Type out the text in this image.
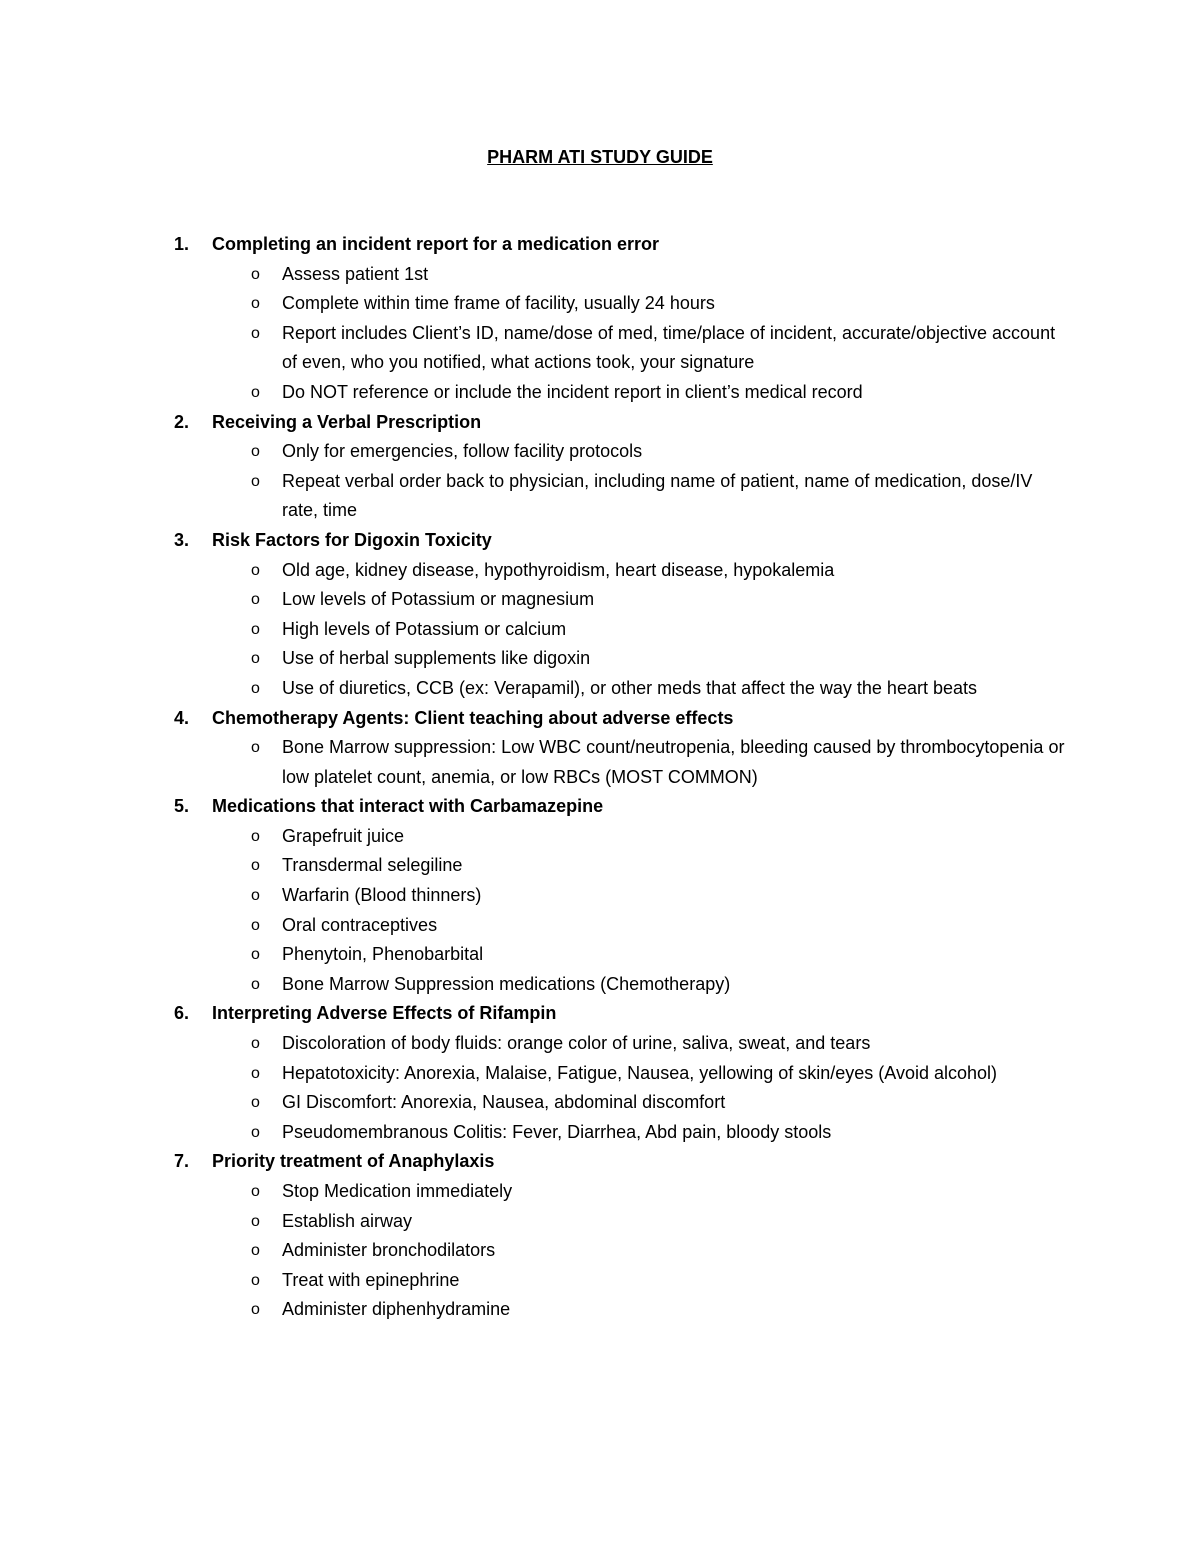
PHARM ATI STUDY GUIDE
1. Completing an incident report for a medication error
o Assess patient 1st
o Complete within time frame of facility, usually 24 hours
o Report includes Client’s ID, name/dose of med, time/place of incident, accurate/objective account of even, who you notified, what actions took, your signature
o Do NOT reference or include the incident report in client’s medical record
2. Receiving a Verbal Prescription
o Only for emergencies, follow facility protocols
o Repeat verbal order back to physician, including name of patient, name of medication, dose/IV rate, time
3. Risk Factors for Digoxin Toxicity
o Old age, kidney disease, hypothyroidism, heart disease, hypokalemia
o Low levels of Potassium or magnesium
o High levels of Potassium or calcium
o Use of herbal supplements like digoxin
o Use of diuretics, CCB (ex: Verapamil), or other meds that affect the way the heart beats
4. Chemotherapy Agents: Client teaching about adverse effects
o Bone Marrow suppression: Low WBC count/neutropenia, bleeding caused by thrombocytopenia or low platelet count, anemia, or low RBCs (MOST COMMON)
5. Medications that interact with Carbamazepine
o Grapefruit juice
o Transdermal selegiline
o Warfarin (Blood thinners)
o Oral contraceptives
o Phenytoin, Phenobarbital
o Bone Marrow Suppression medications (Chemotherapy)
6. Interpreting Adverse Effects of Rifampin
o Discoloration of body fluids: orange color of urine, saliva, sweat, and tears
o Hepatotoxicity: Anorexia, Malaise, Fatigue, Nausea, yellowing of skin/eyes (Avoid alcohol)
o GI Discomfort: Anorexia, Nausea, abdominal discomfort
o Pseudomembranous Colitis: Fever, Diarrhea, Abd pain, bloody stools
7. Priority treatment of Anaphylaxis
o Stop Medication immediately
o Establish airway
o Administer bronchodilators
o Treat with epinephrine
o Administer diphenhydramine
